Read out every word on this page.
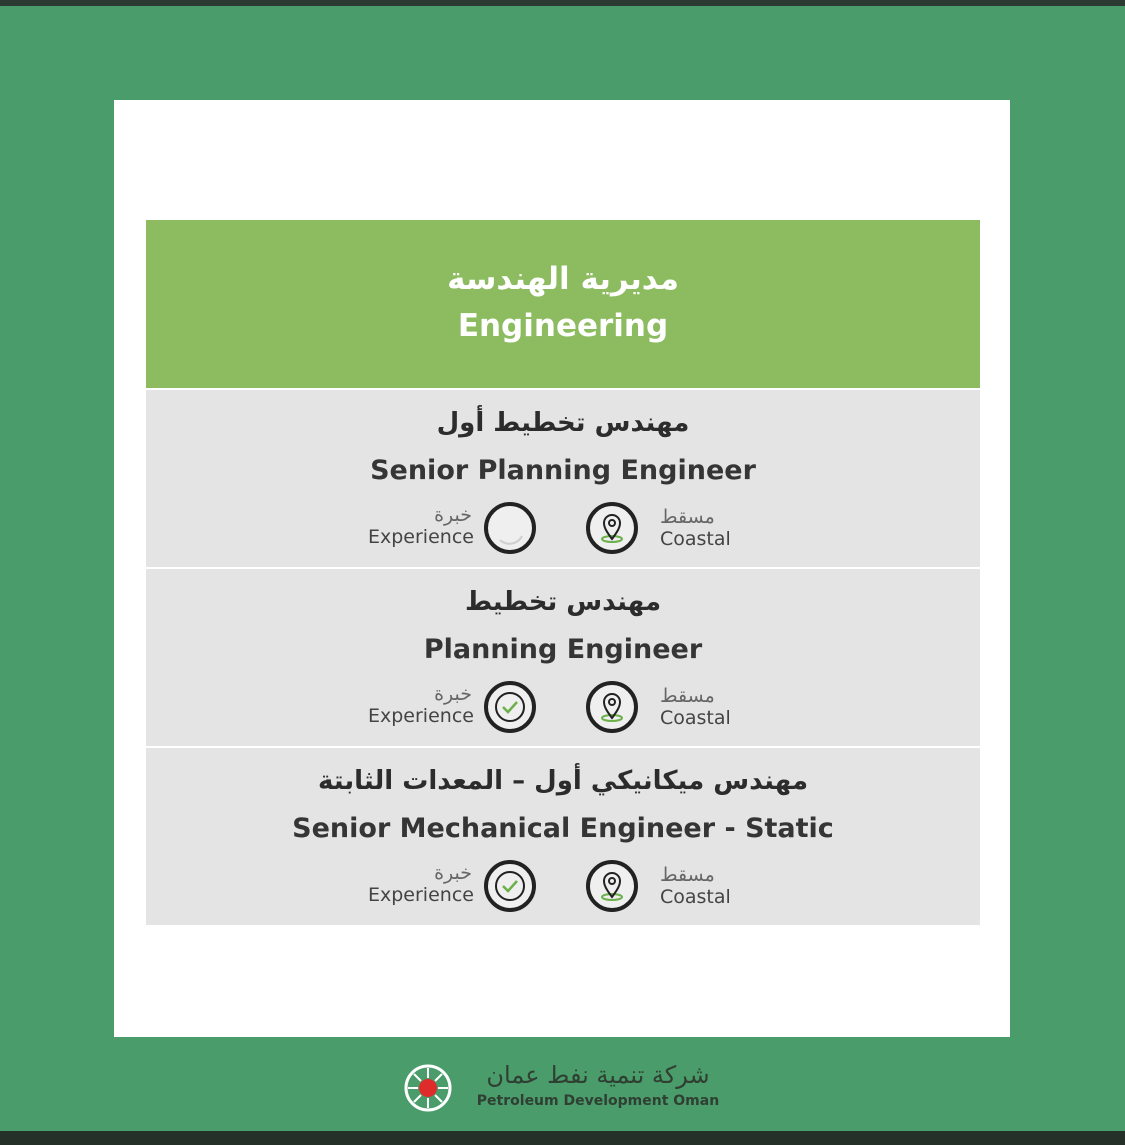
مديرية الهندسة
Engineering
مهندس تخطيط أول
Senior Planning Engineer
خبرة
Experience
مسقط
Coastal
مهندس تخطيط
Planning Engineer
خبرة
Experience
مسقط
Coastal
مهندس ميكانيكي أول – المعدات الثابتة
Senior Mechanical Engineer - Static
خبرة
Experience
مسقط
Coastal
شركة تنمية نفط عمان
Petroleum Development Oman
